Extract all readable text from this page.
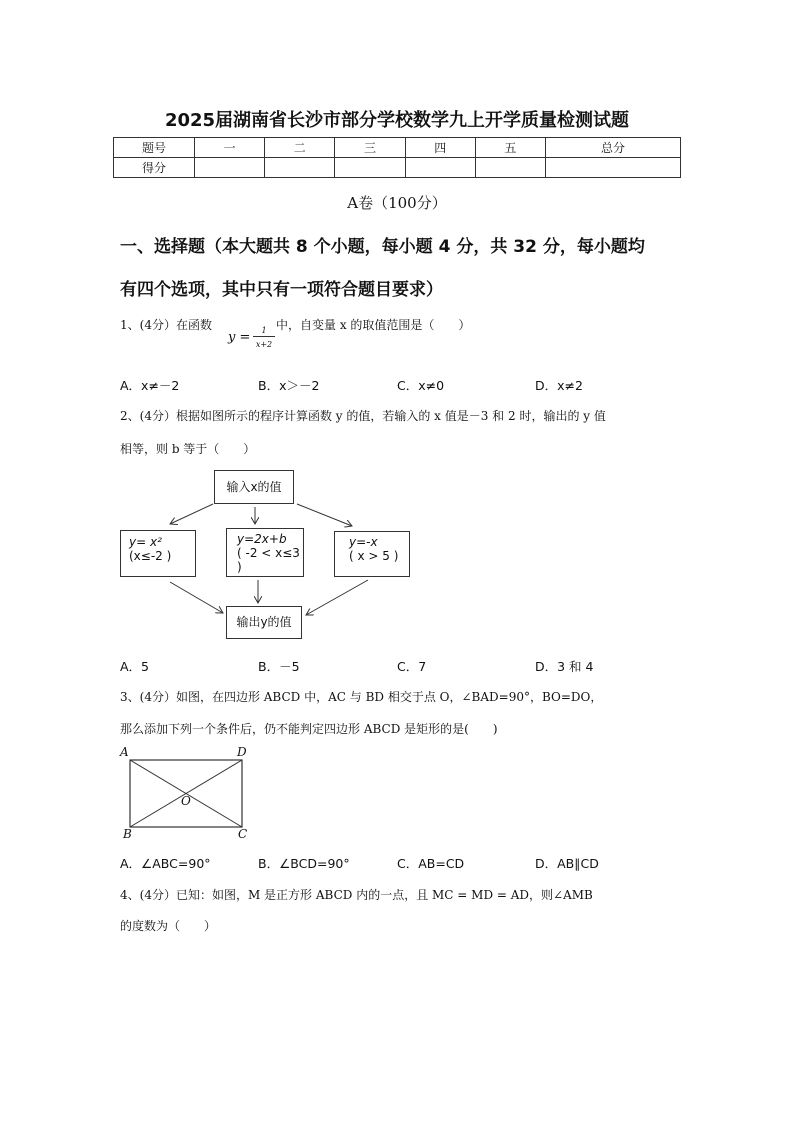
2025届湖南省长沙市部分学校数学九上开学质量检测试题
题号	一	二	三	四	五	总分
得分						
A卷（100分）
一、选择题（本大题共 8 个小题，每小题 4 分，共 32 分，每小题均
有四个选项，其中只有一项符合题目要求）
1、(4分）在函数
y =	1
x+2
中，自变量 x 的取值范围是（　　）
A．x≠－2	B．x＞－2	C．x≠0	D．x≠2
2、(4分）根据如图所示的程序计算函数 y 的值，若输入的 x 值是－3 和 2 时，输出的 y 值
相等，则 b 等于（　　）
输入x的值
y= x²
(x≤-2 )
y=2x+b
( -2 < x≤3 )
y=-x
( x > 5 )
输出y的值
A．5	B．－5	C．7	D．3 和 4
3、(4分）如图，在四边形 ABCD 中，AC 与 BD 相交于点 O，∠BAD=90°，BO=DO，
那么添加下列一个条件后，仍不能判定四边形 ABCD 是矩形的是(　　)
A	D
B	C
O
A．∠ABC=90°	B．∠BCD=90°	C．AB=CD	D．AB∥CD
4、(4分）已知：如图，M 是正方形 ABCD 内的一点，且 MC = MD = AD，则∠AMB
的度数为（　　）
